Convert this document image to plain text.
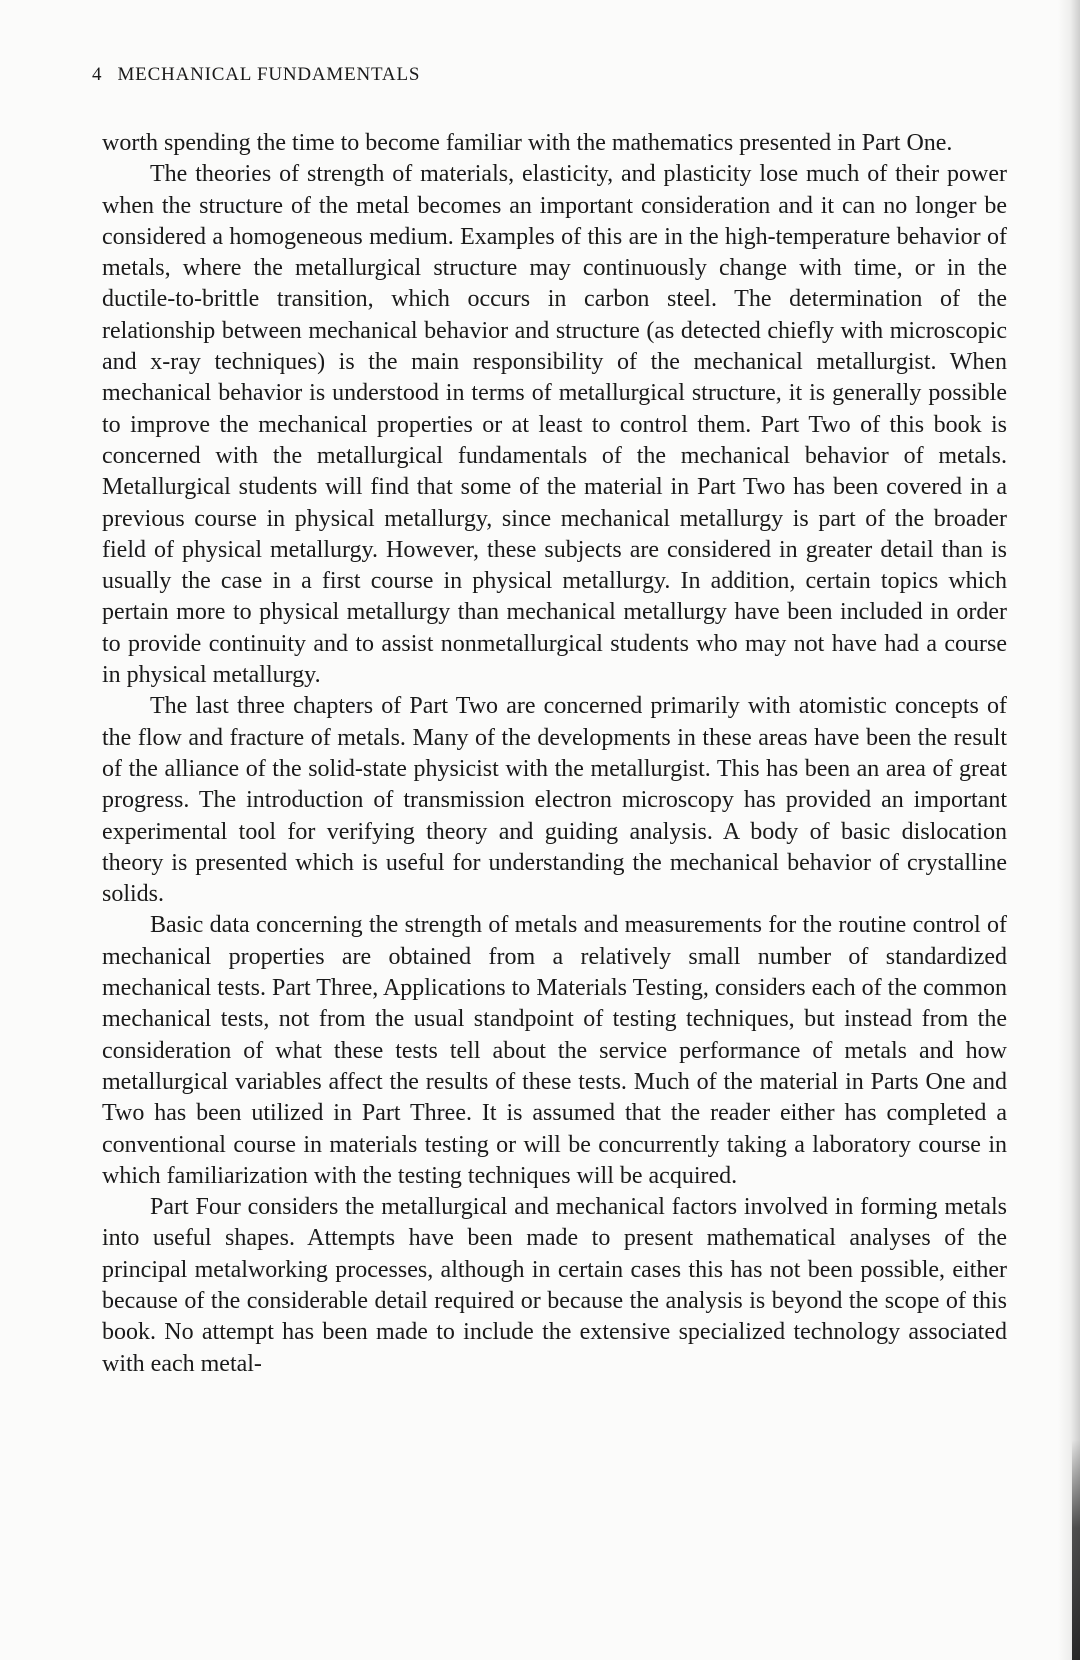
4 MECHANICAL FUNDAMENTALS

worth spending the time to become familiar with the mathematics presented in Part One.

The theories of strength of materials, elasticity, and plasticity lose much of their power when the structure of the metal becomes an important consideration and it can no longer be considered a homogeneous medium. Examples of this are in the high-temperature behavior of metals, where the metallurgical structure may continuously change with time, or in the ductile-to-brittle transition, which occurs in carbon steel. The determination of the relationship between mechanical behavior and structure (as detected chiefly with microscopic and x-ray techniques) is the main responsibility of the mechanical metallurgist. When mechanical behavior is understood in terms of metallurgical structure, it is generally possible to improve the mechanical properties or at least to control them. Part Two of this book is concerned with the metallurgical fundamentals of the mechanical behavior of metals. Metallurgical students will find that some of the material in Part Two has been covered in a previous course in physical metallurgy, since mechanical metallurgy is part of the broader field of physical metallurgy. However, these subjects are considered in greater detail than is usually the case in a first course in physical metallurgy. In addition, certain topics which pertain more to physical metallurgy than mechanical metallurgy have been included in order to provide continuity and to assist nonmetallurgical students who may not have had a course in physical metallurgy.

The last three chapters of Part Two are concerned primarily with atomistic concepts of the flow and fracture of metals. Many of the developments in these areas have been the result of the alliance of the solid-state physicist with the metallurgist. This has been an area of great progress. The introduction of transmission electron microscopy has provided an important experimental tool for verifying theory and guiding analysis. A body of basic dislocation theory is presented which is useful for understanding the mechanical behavior of crystalline solids.

Basic data concerning the strength of metals and measurements for the routine control of mechanical properties are obtained from a relatively small number of standardized mechanical tests. Part Three, Applications to Materials Testing, considers each of the common mechanical tests, not from the usual standpoint of testing techniques, but instead from the consideration of what these tests tell about the service performance of metals and how metallurgical variables affect the results of these tests. Much of the material in Parts One and Two has been utilized in Part Three. It is assumed that the reader either has completed a conventional course in materials testing or will be concurrently taking a laboratory course in which familiarization with the testing techniques will be acquired.

Part Four considers the metallurgical and mechanical factors involved in forming metals into useful shapes. Attempts have been made to present mathematical analyses of the principal metalworking processes, although in certain cases this has not been possible, either because of the considerable detail required or because the analysis is beyond the scope of this book. No attempt has been made to include the extensive specialized technology associated with each metal-
